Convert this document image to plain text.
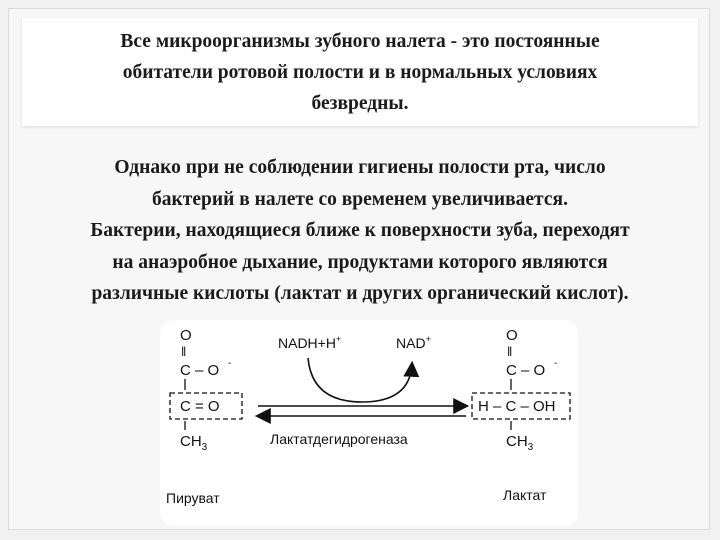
Все микроорганизмы зубного налета - это постоянные
обитатели ротовой полости и в нормальных условиях
безвредны.
Однако при не соблюдении гигиены полости рта, число
бактерий в налете со временем увеличивается.
Бактерии, находящиеся ближе к поверхности зуба, переходят
на анаэробное дыхание, продуктами которого являются
различные кислоты (лактат и других органический кислот).
O
‖
C – O -
C = O
$CH_3$
Пируват
NADH+H+	NAD+
Лактатдегидрогеназа
O
‖
C – O -
H – C – OH
$CH_3$
Лактат
